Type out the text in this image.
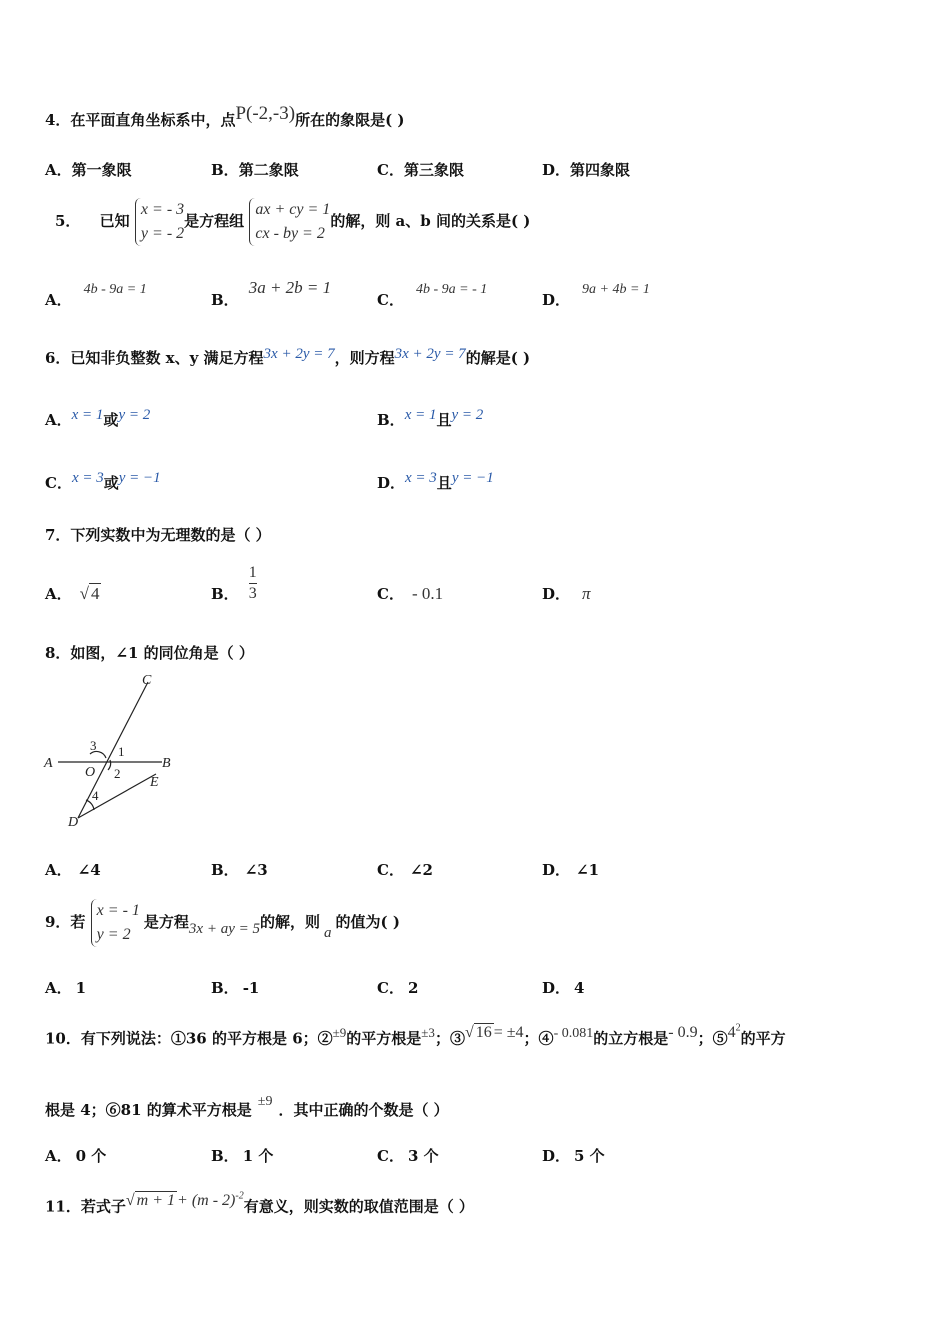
4．在平面直角坐标系中，点P(-2,-3)所在的象限是( )
A．第一象限	B．第二象限	C．第三象限	D．第四象限
5． 已知
x = - 3
y = - 2
是方程组
ax + cy = 1
cx - by = 2
的解，则 a、b 间的关系是( )
A．4b - 9a = 1
B．3a + 2b = 1
C．4b - 9a = - 1
D．9a + 4b = 1
6．已知非负整数 x、y 满足方程3x + 2y = 7，则方程3x + 2y = 7的解是( )
A．x = 1或y = 2	B．x = 1且y = 2
C．x = 3或y = −1	D．x = 3且y = −1
7．下列实数中为无理数的是（ ）
A． √ 4	B． $\frac{1}{3}$	C． - 0.1	D． π
8．如图，∠1 的同位角是（ ）
C
A	B
O
E
D
1
2
3
4
A． ∠4	B． ∠3	C． ∠2	D． ∠1
9．若
x = - 1
y = 2
是方程3x + ay = 5的解，则a的值为( )
A． 1	B． -1	C． 2	D． 4
10．有下列说法：①36 的平方根是 6；②±9的平方根是±3；③√ 16 = ±4；④- 0.081的立方根是- 0.9；$⑤4^2$的平方
根是 4；⑥81 的算术平方根是 ±9 ．其中正确的个数是（ ）
A． 0 个	B． 1 个	C． 3 个	D． 5 个
11．若式子√ m + 1 + (m - 2)$^{-2}$有意义，则实数的取值范围是（ ）
